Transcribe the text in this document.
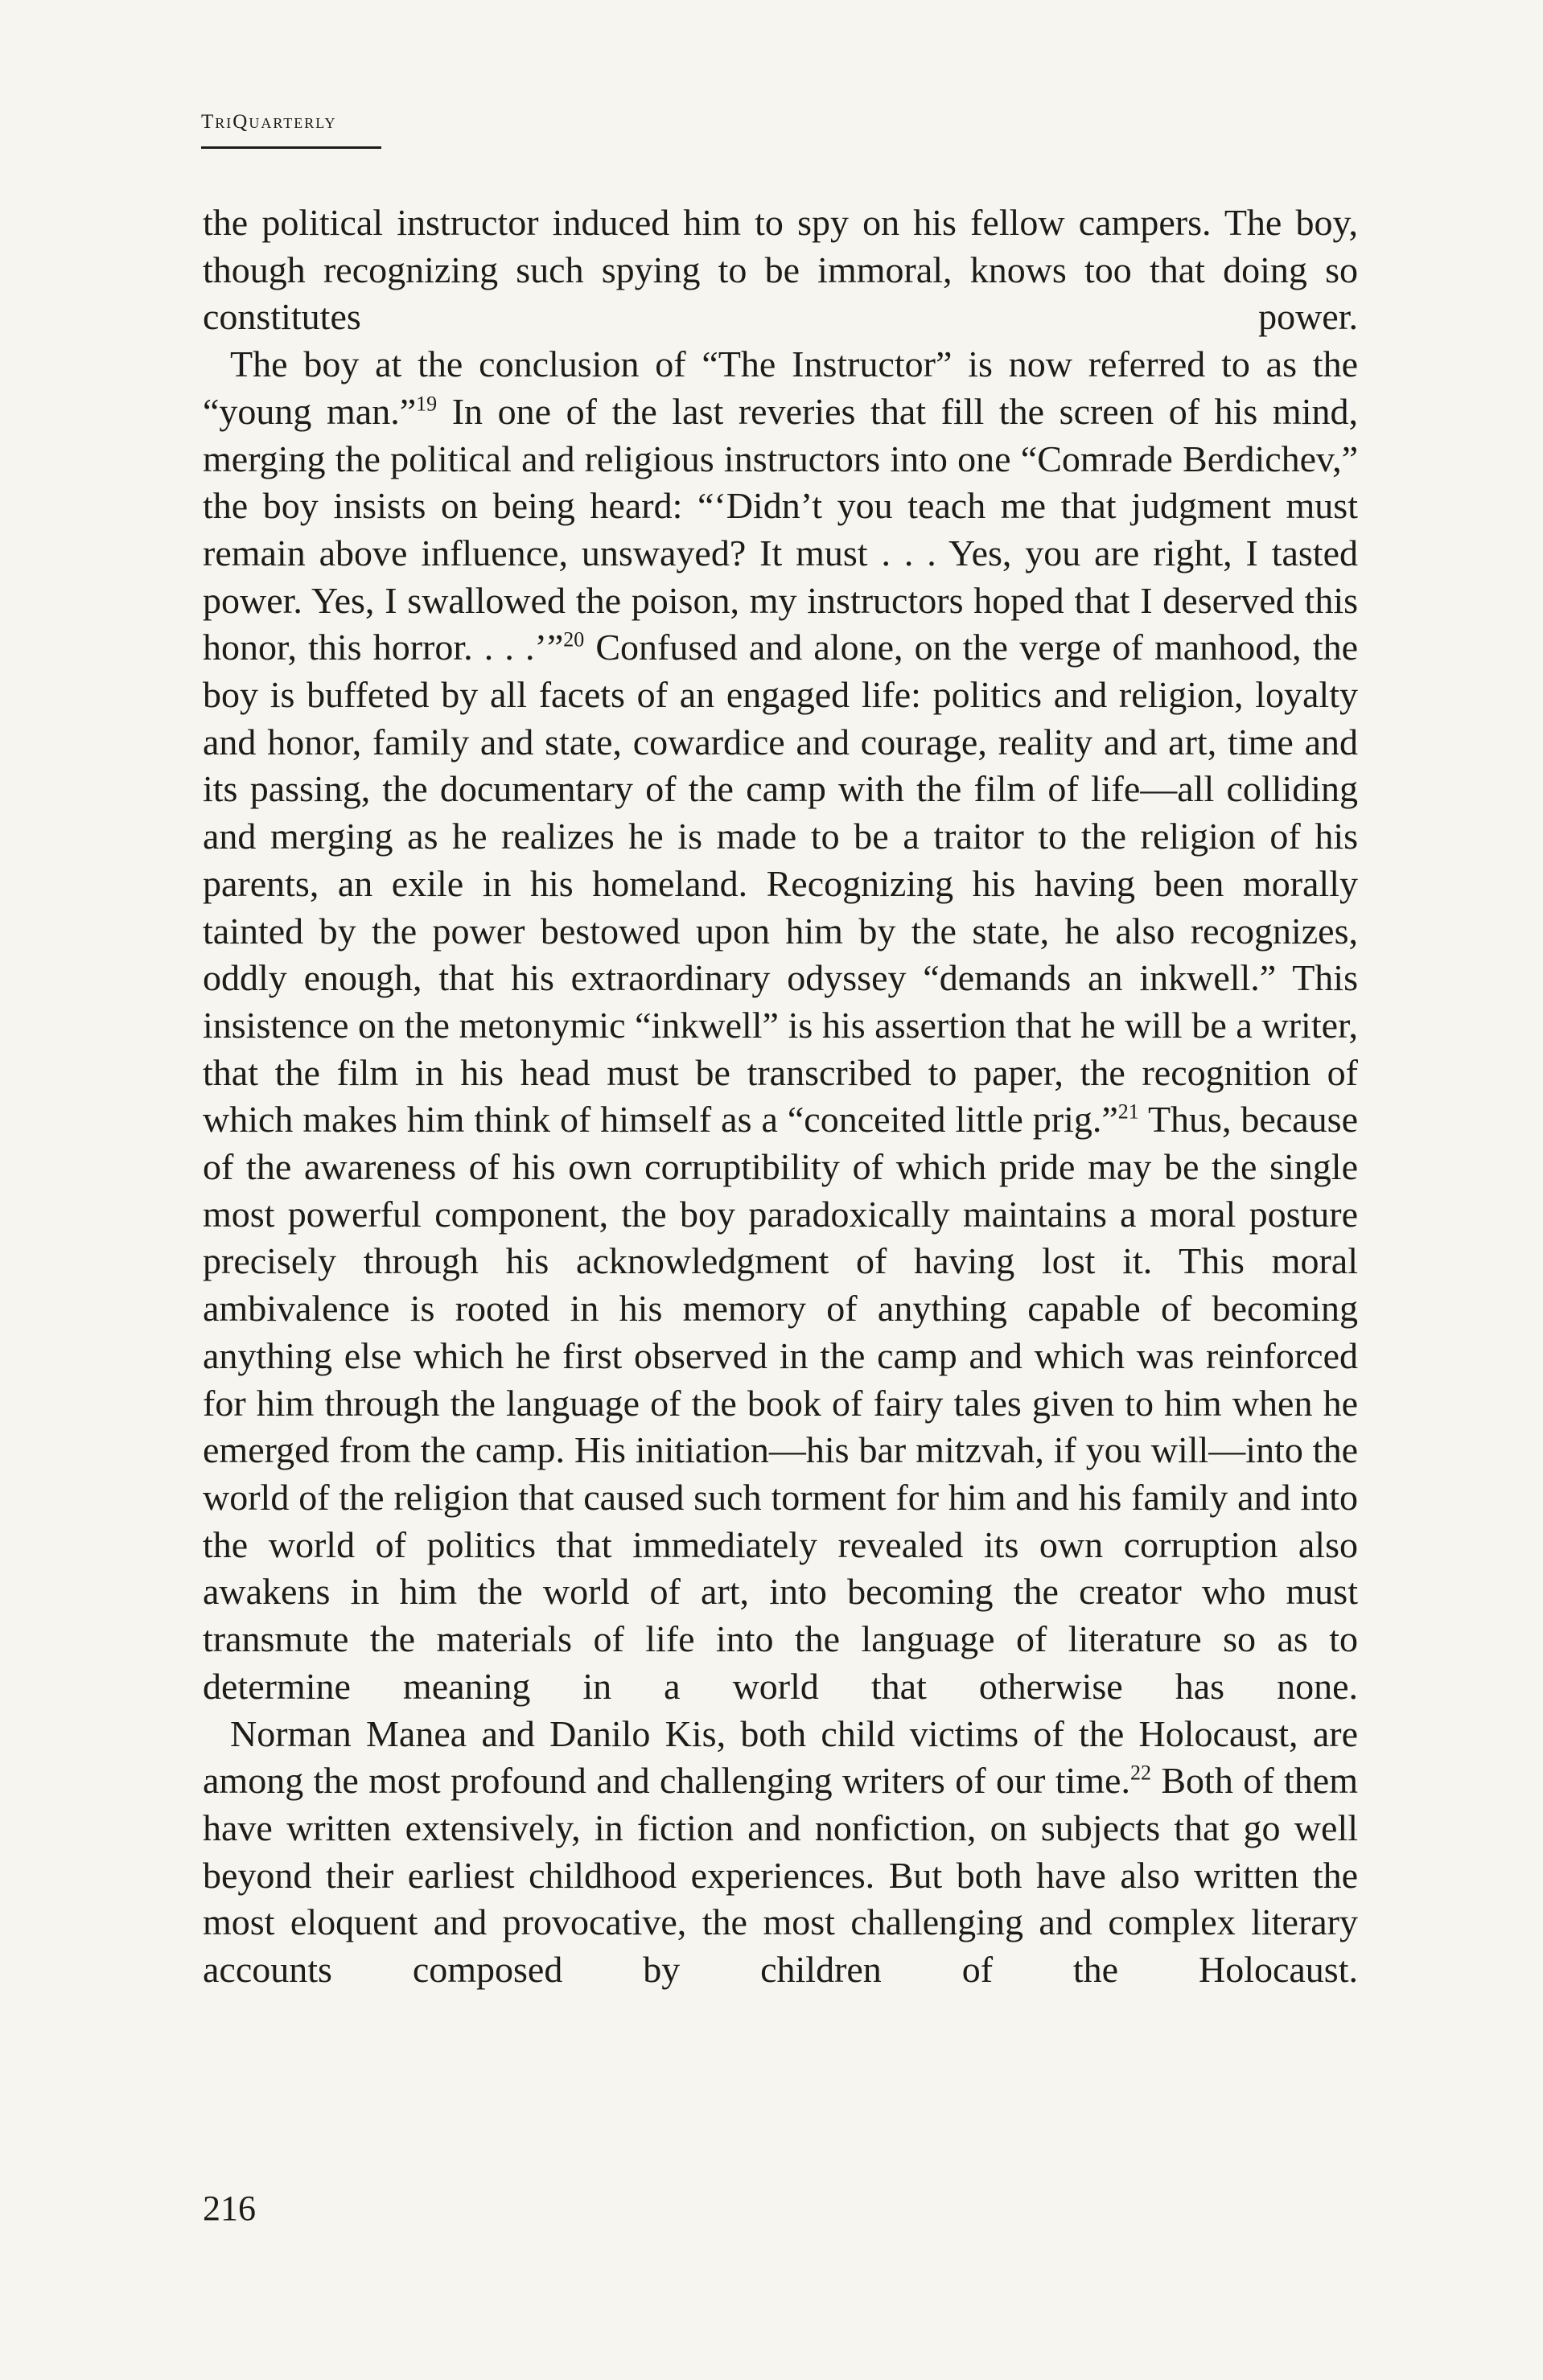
TriQuarterly

the political instructor induced him to spy on his fellow campers. The boy, though recognizing such spying to be immoral, knows too that doing so constitutes power.

The boy at the conclusion of “The Instructor” is now referred to as the “young man.”$^{19}$ In one of the last reveries that fill the screen of his mind, merging the political and religious instructors into one “Comrade Berdichev,” the boy insists on being heard: “‘Didn’t you teach me that judgment must remain above influence, unswayed? It must . . . Yes, you are right, I tasted power. Yes, I swallowed the poison, my instructors hoped that I deserved this honor, this horror. . . .’”$^{20}$ Confused and alone, on the verge of manhood, the boy is buffeted by all facets of an engaged life: politics and religion, loyalty and honor, family and state, cowardice and courage, reality and art, time and its passing, the documentary of the camp with the film of life—all colliding and merging as he realizes he is made to be a traitor to the religion of his parents, an exile in his homeland. Recognizing his having been morally tainted by the power bestowed upon him by the state, he also recognizes, oddly enough, that his extraordinary odyssey “demands an inkwell.” This insistence on the metonymic “inkwell” is his assertion that he will be a writer, that the film in his head must be transcribed to paper, the recognition of which makes him think of himself as a “conceited little prig.”$^{21}$ Thus, because of the awareness of his own corruptibility of which pride may be the single most powerful component, the boy paradoxically maintains a moral posture precisely through his acknowledgment of having lost it. This moral ambivalence is rooted in his memory of anything capable of becoming anything else which he first observed in the camp and which was reinforced for him through the language of the book of fairy tales given to him when he emerged from the camp. His initiation—his bar mitzvah, if you will—into the world of the religion that caused such torment for him and his family and into the world of politics that immediately revealed its own corruption also awakens in him the world of art, into becoming the creator who must transmute the materials of life into the language of literature so as to determine meaning in a world that otherwise has none.

Norman Manea and Danilo Kis, both child victims of the Holocaust, are among the most profound and challenging writers of our time.$^{22}$ Both of them have written extensively, in fiction and nonfiction, on subjects that go well beyond their earliest childhood experiences. But both have also written the most eloquent and provocative, the most challenging and complex literary accounts composed by children of the Holocaust.

216
